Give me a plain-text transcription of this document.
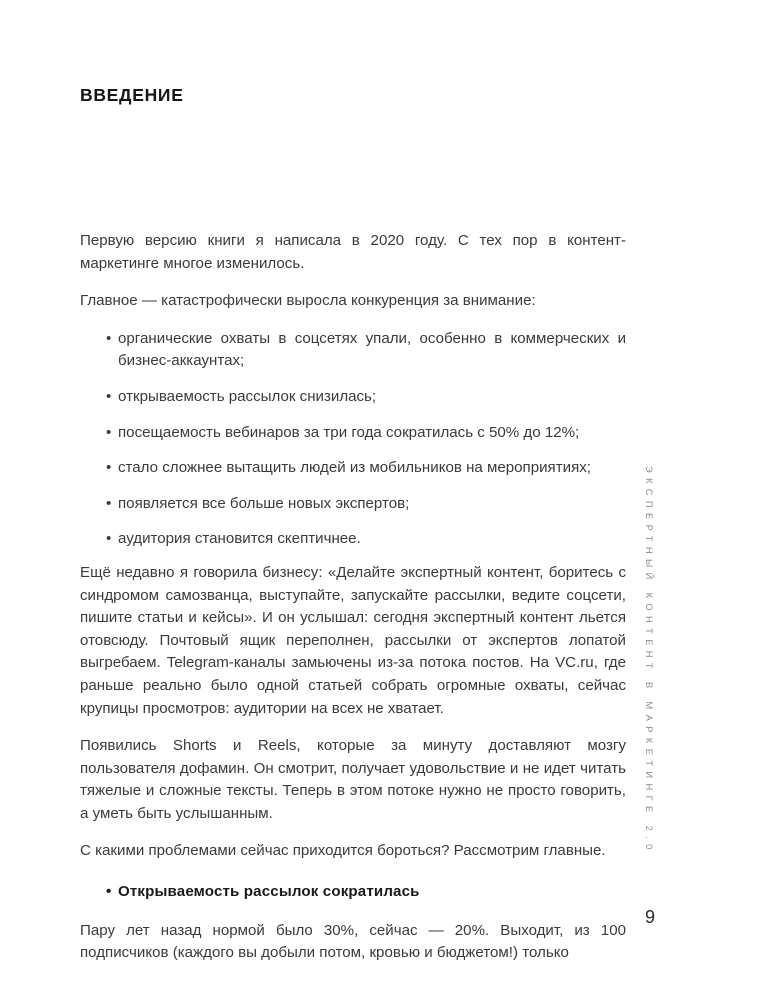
ВВЕДЕНИЕ

Первую версию книги я написала в 2020 году. С тех пор в контент-маркетинге многое изменилось.

Главное — катастрофически выросла конкуренция за внимание:

• органические охваты в соцсетях упали, особенно в коммерческих и бизнес-аккаунтах;
• открываемость рассылок снизилась;
• посещаемость вебинаров за три года сократилась с 50% до 12%;
• стало сложнее вытащить людей из мобильников на мероприятиях;
• появляется все больше новых экспертов;
• аудитория становится скептичнее.

Ещё недавно я говорила бизнесу: «Делайте экспертный контент, боритесь с синдромом самозванца, выступайте, запускайте рассылки, ведите соцсети, пишите статьи и кейсы». И он услышал: сегодня экспертный контент льется отовсюду. Почтовый ящик переполнен, рассылки от экспертов лопатой выгребаем. Telegram-каналы замьючены из-за потока постов. На VC.ru, где раньше реально было одной статьей собрать огромные охваты, сейчас крупицы просмотров: аудитории на всех не хватает.

Появились Shorts и Reels, которые за минуту доставляют мозгу пользователя дофамин. Он смотрит, получает удовольствие и не идет читать тяжелые и сложные тексты. Теперь в этом потоке нужно не просто говорить, а уметь быть услышанным.

С какими проблемами сейчас приходится бороться? Рассмотрим главные.

• Открываемость рассылок сократилась

Пару лет назад нормой было 30%, сейчас — 20%. Выходит, из 100 подписчиков (каждого вы добыли потом, кровью и бюджетом!) только

ЭКСПЕРТНЫЙ КОНТЕНТ В МАРКЕТИНГЕ 2.0
9
